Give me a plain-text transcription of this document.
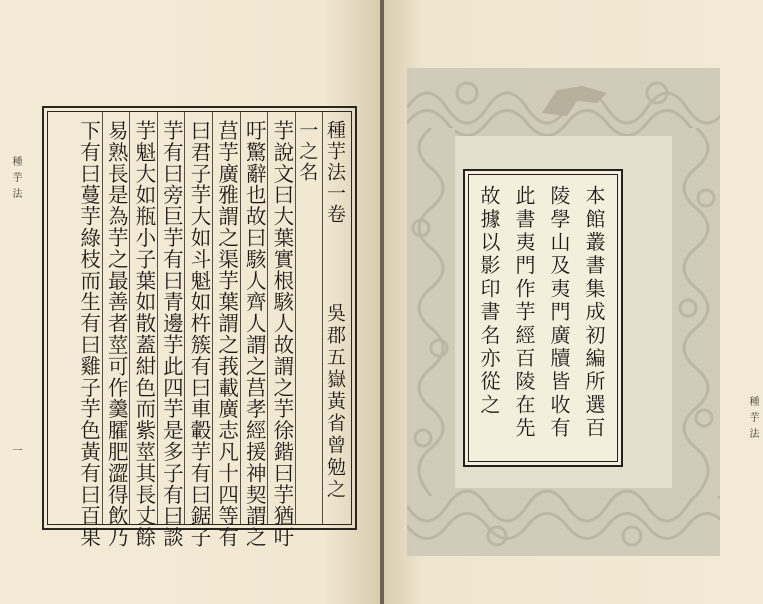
種芋法
一
種芋法一卷
吳郡五嶽黃省曾勉之
一之名
芋說文曰大葉實根駭人故謂之芋徐鍇曰芋猶吁
吁驚辭也故曰駭人齊人謂之莒孝經援神契謂之
莒芋廣雅謂之渠芋葉謂之莪載廣志凡十四等有
曰君子芋大如斗魁如杵簇有曰車轂芋有曰鋸子
芋有曰旁巨芋有曰青邊芋此四芋是多子有曰談
芋魁大如瓶小子葉如散蓋紺色而紫莖其長丈餘
易熟長是為芋之最善者莖可作羹臛肥澀得飲乃
下有曰蔓芋綠枝而生有曰雞子芋色黃有曰百果	本館叢書集成初編所選百
陵學山及夷門廣牘皆收有
此書夷門作芋經百陵在先
故據以影印書名亦從之
種芋法
